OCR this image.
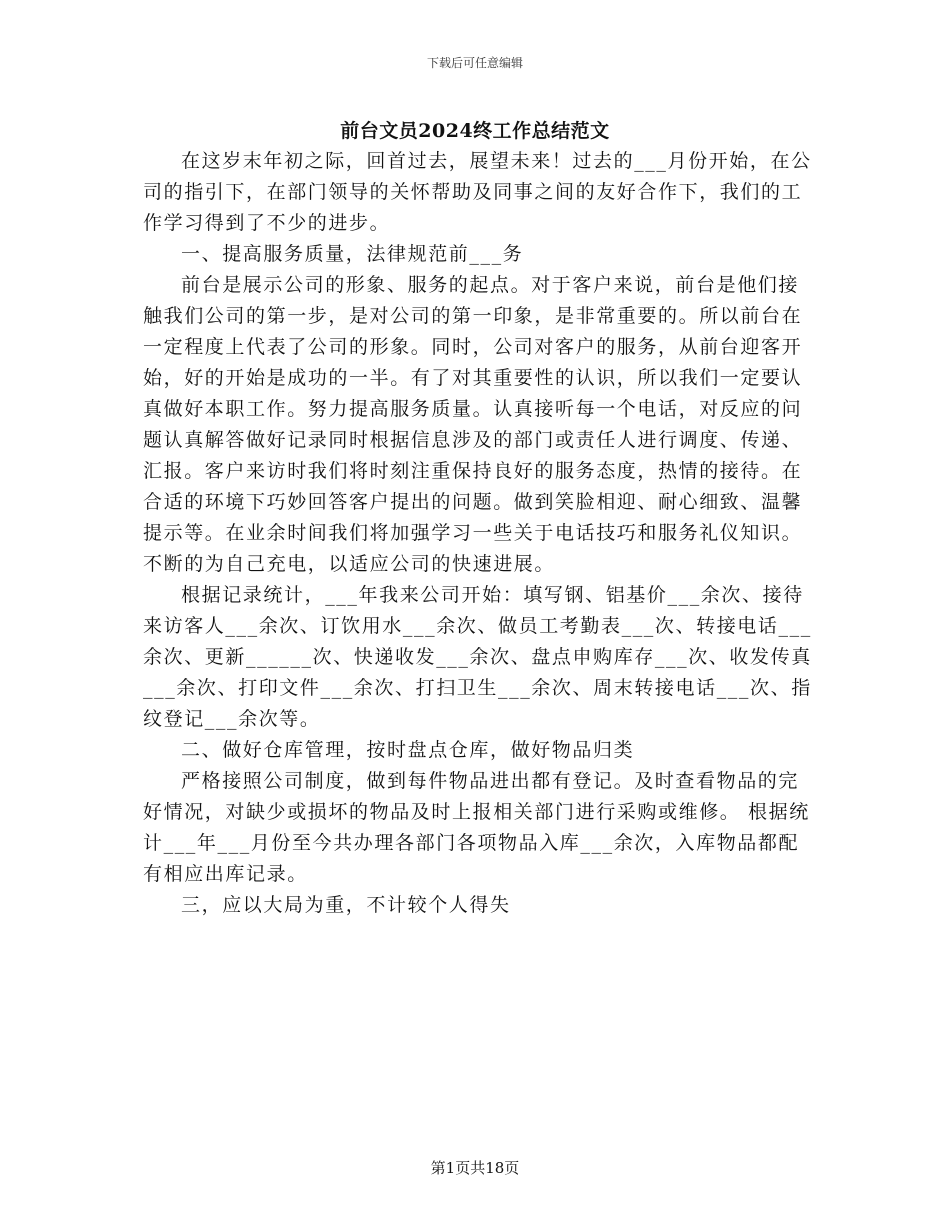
下载后可任意编辑
前台文员2024终工作总结范文

在这岁末年初之际，回首过去，展望未来！过去的___月份开始，在公司的指引下，在部门领导的关怀帮助及同事之间的友好合作下，我们的工作学习得到了不少的进步。

一、提高服务质量，法律规范前___务

前台是展示公司的形象、服务的起点。对于客户来说，前台是他们接触我们公司的第一步，是对公司的第一印象，是非常重要的。所以前台在一定程度上代表了公司的形象。同时，公司对客户的服务，从前台迎客开始，好的开始是成功的一半。有了对其重要性的认识，所以我们一定要认真做好本职工作。努力提高服务质量。认真接听每一个电话，对反应的问题认真解答做好记录同时根据信息涉及的部门或责任人进行调度、传递、汇报。客户来访时我们将时刻注重保持良好的服务态度，热情的接待。在合适的环境下巧妙回答客户提出的问题。做到笑脸相迎、耐心细致、温馨提示等。在业余时间我们将加强学习一些关于电话技巧和服务礼仪知识。不断的为自己充电，以适应公司的快速进展。

根据记录统计，___年我来公司开始：填写钢、铝基价___余次、接待来访客人___余次、订饮用水___余次、做员工考勤表___次、转接电话___余次、更新______次、快递收发___余次、盘点申购库存___次、收发传真___余次、打印文件___余次、打扫卫生___余次、周末转接电话___次、指纹登记___余次等。

二、做好仓库管理，按时盘点仓库，做好物品归类

严格接照公司制度，做到每件物品进出都有登记。及时查看物品的完好情况，对缺少或损坏的物品及时上报相关部门进行采购或维修。 根据统计___年___月份至今共办理各部门各项物品入库___余次，入库物品都配有相应出库记录。

三，应以大局为重，不计较个人得失

第1页共18页
